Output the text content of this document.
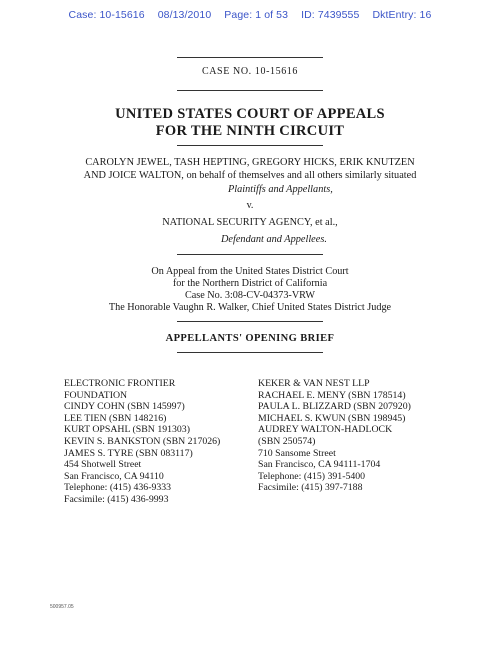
Case: 10-15616 08/13/2010 Page: 1 of 53 ID: 7439555 DktEntry: 16
CASE NO. 10-15616
UNITED STATES COURT OF APPEALS
FOR THE NINTH CIRCUIT
CAROLYN JEWEL, TASH HEPTING, GREGORY HICKS, ERIK KNUTZEN
AND JOICE WALTON, on behalf of themselves and all others similarly situated
Plaintiffs and Appellants,
v.
NATIONAL SECURITY AGENCY, et al.,
Defendant and Appellees.
On Appeal from the United States District Court
for the Northern District of California
Case No. 3:08-CV-04373-VRW
The Honorable Vaughn R. Walker, Chief United States District Judge
APPELLANTS' OPENING BRIEF
ELECTRONIC FRONTIER
FOUNDATION
CINDY COHN (SBN 145997)
LEE TIEN (SBN 148216)
KURT OPSAHL (SBN 191303)
KEVIN S. BANKSTON (SBN 217026)
JAMES S. TYRE (SBN 083117)
454 Shotwell Street
San Francisco, CA 94110
Telephone: (415) 436-9333
Facsimile: (415) 436-9993
KEKER & VAN NEST LLP
RACHAEL E. MENY (SBN 178514)
PAULA L. BLIZZARD (SBN 207920)
MICHAEL S. KWUN (SBN 198945)
AUDREY WALTON-HADLOCK
(SBN 250574)
710 Sansome Street
San Francisco, CA 94111-1704
Telephone: (415) 391-5400
Facsimile: (415) 397-7188
500957.05
